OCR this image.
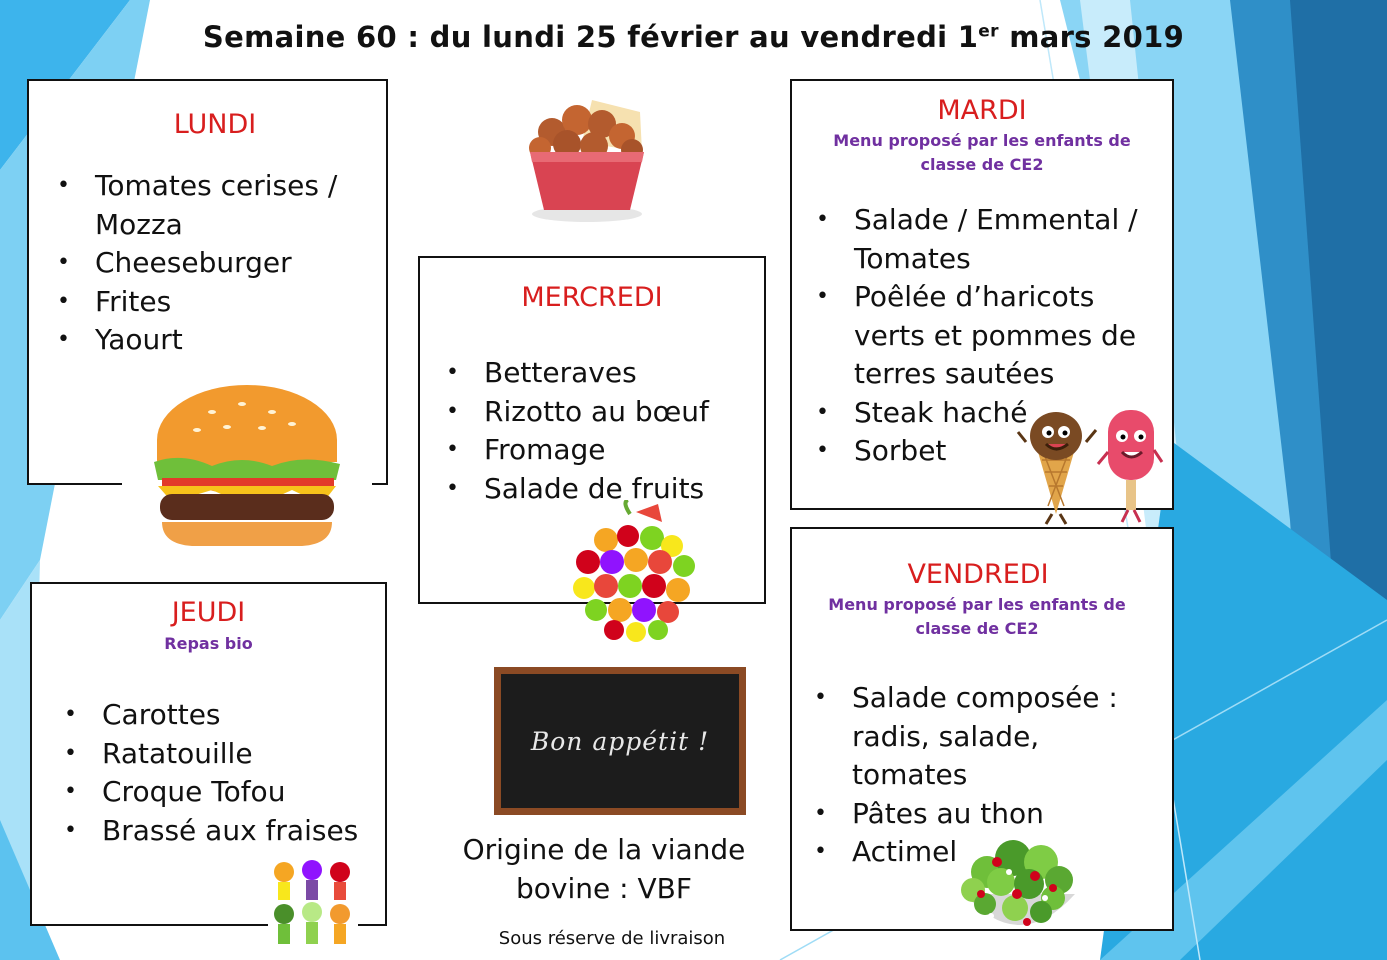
Semaine 60 : du lundi 25 février au vendredi 1er mars 2019
LUNDI
• Tomates cerises / Mozza
• Cheeseburger
• Frites
• Yaourt
MERCREDI
• Betteraves
• Rizotto au bœuf
• Fromage
• Salade de fruits
MARDI
Menu proposé par les enfants de classe de CE2
• Salade / Emmental / Tomates
• Poêlée d’haricots verts et pommes de terres sautées
• Steak haché
• Sorbet
JEUDI
Repas bio
• Carottes
• Ratatouille
• Croque Tofou
• Brassé aux fraises
Bon appétit !
Origine de la viande bovine : VBF
Sous réserve de livraison
VENDREDI
Menu proposé par les enfants de classe de CE2
• Salade composée : radis, salade, tomates
• Pâtes au thon
• Actimel
